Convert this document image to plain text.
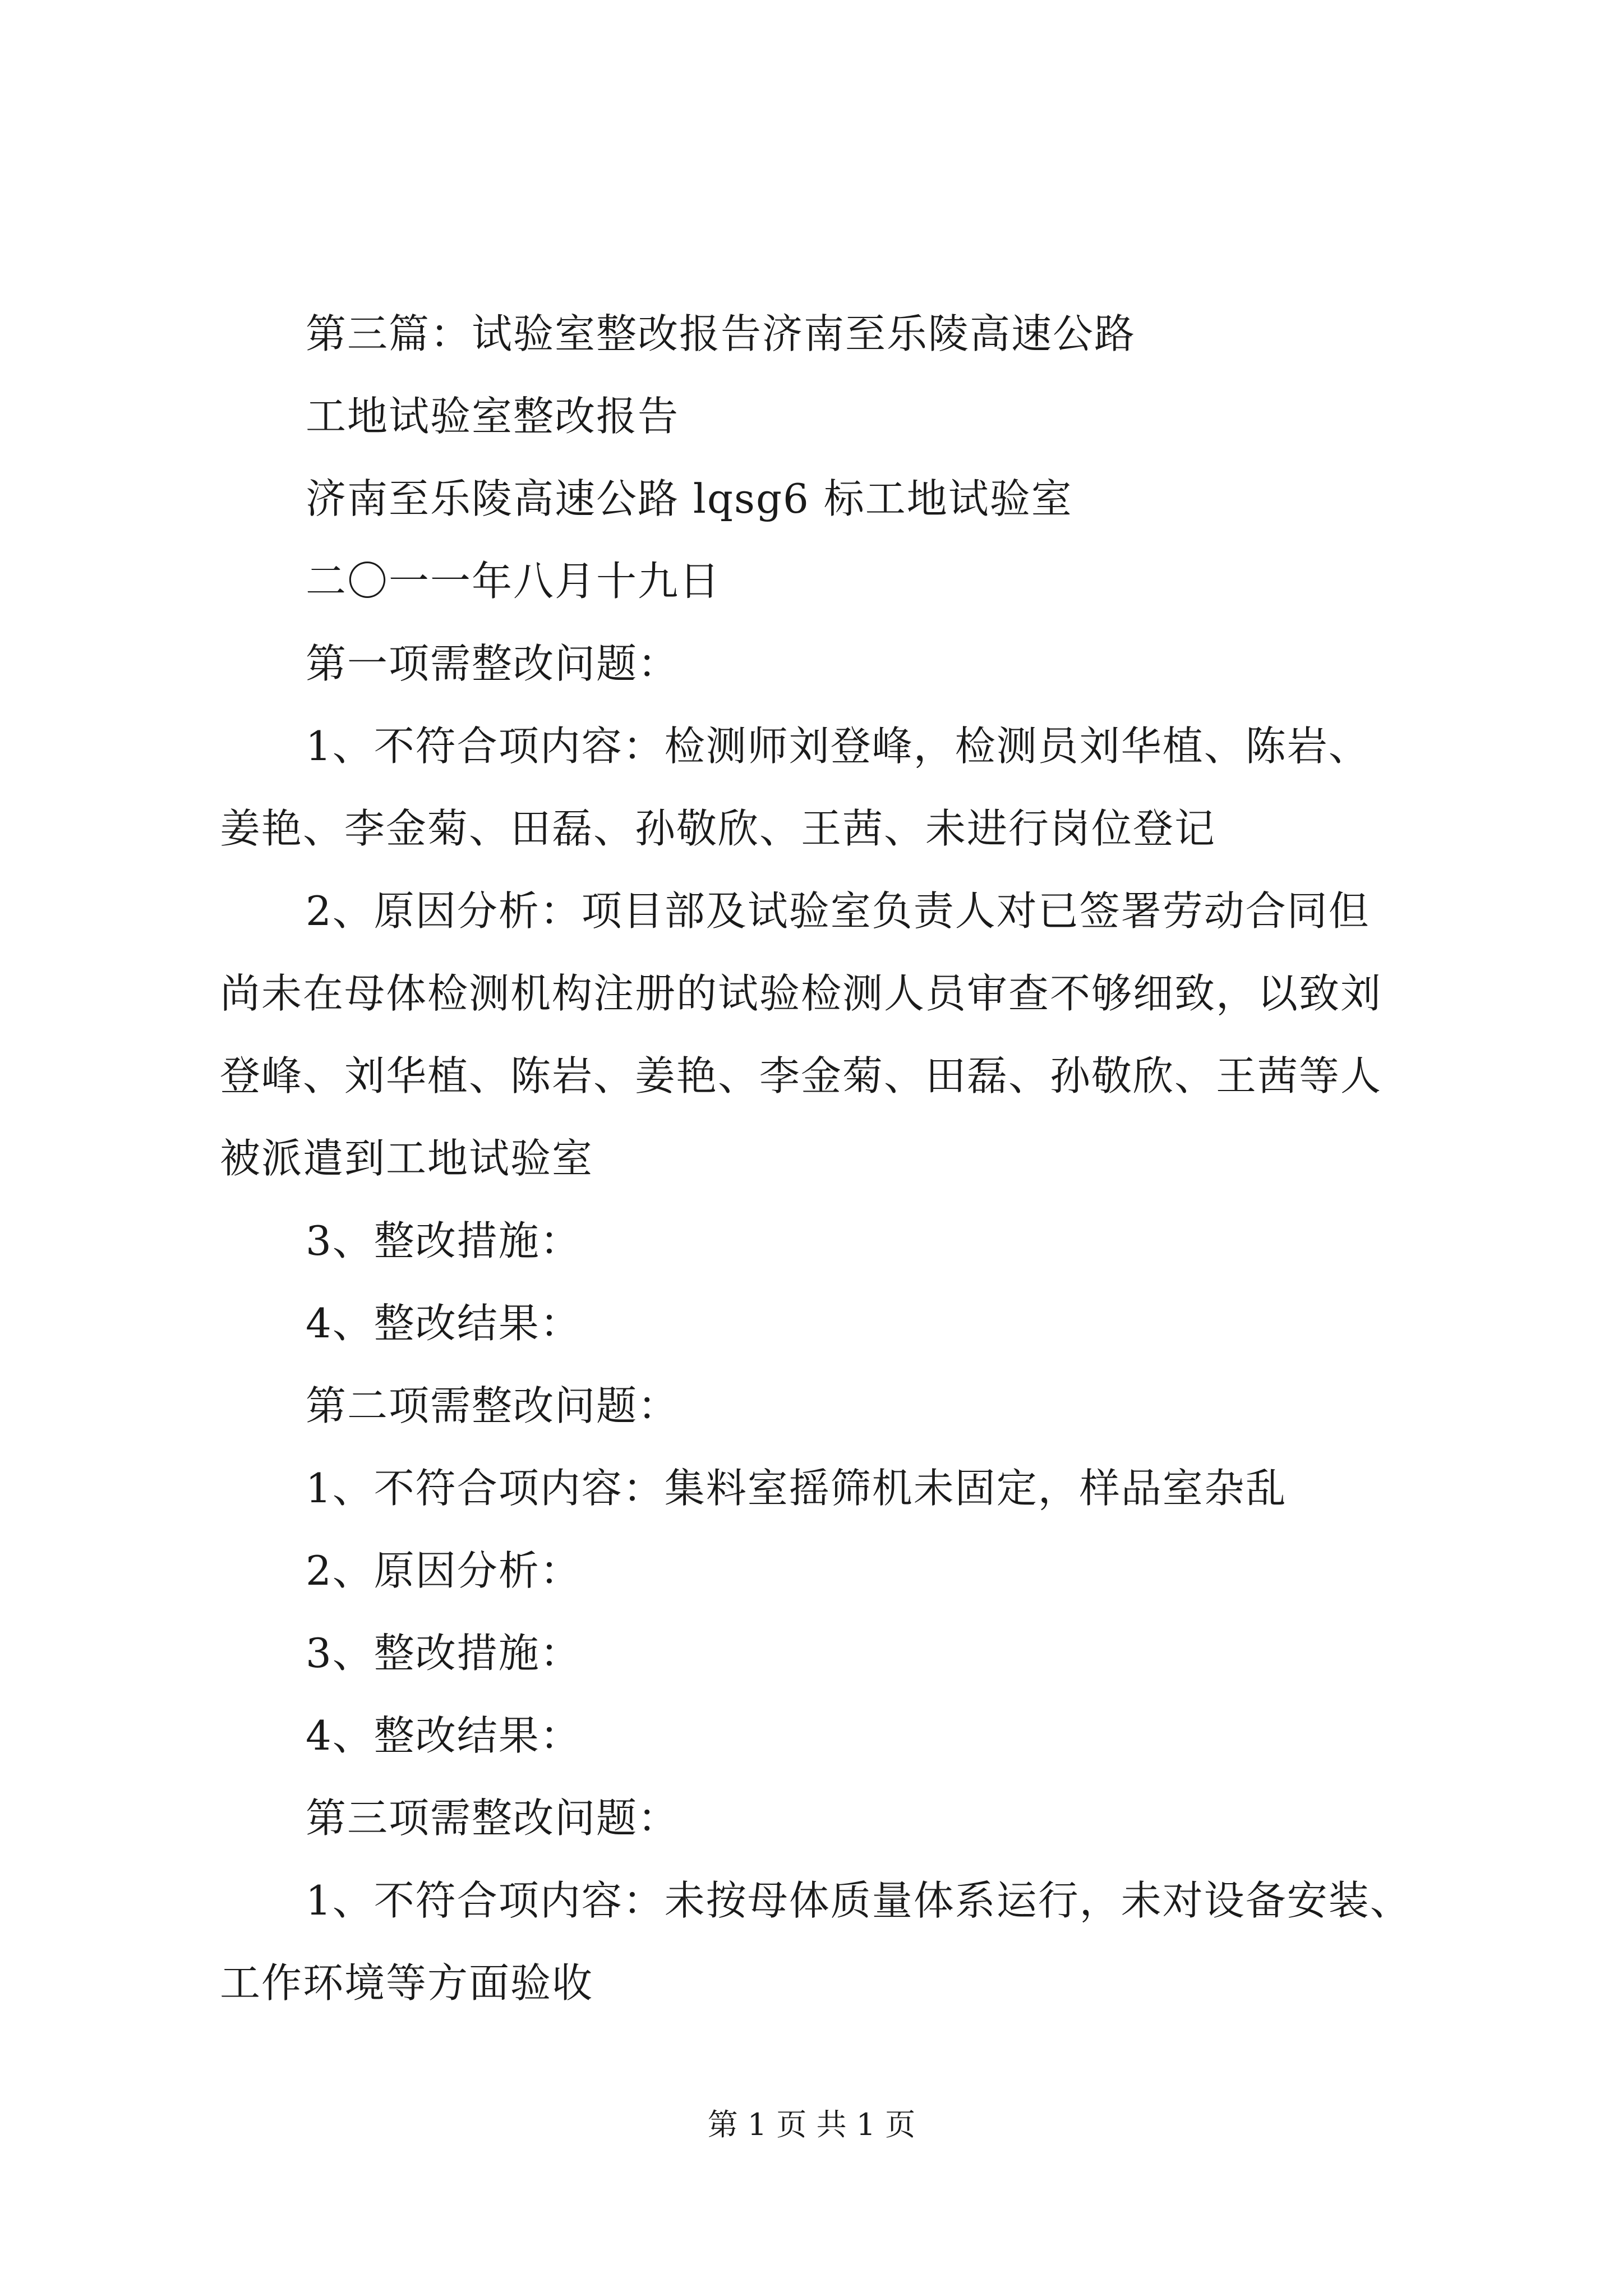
第三篇：试验室整改报告济南至乐陵高速公路
工地试验室整改报告
济南至乐陵高速公路 lqsg6 标工地试验室
二〇一一年八月十九日
第一项需整改问题：
1、不符合项内容：检测师刘登峰，检测员刘华植、陈岩、
姜艳、李金菊、田磊、孙敬欣、王茜、未进行岗位登记
2、原因分析：项目部及试验室负责人对已签署劳动合同但
尚未在母体检测机构注册的试验检测人员审查不够细致，以致刘
登峰、刘华植、陈岩、姜艳、李金菊、田磊、孙敬欣、王茜等人
被派遣到工地试验室
3、整改措施：
4、整改结果：
第二项需整改问题：
1、不符合项内容：集料室摇筛机未固定，样品室杂乱
2、原因分析：
3、整改措施：
4、整改结果：
第三项需整改问题：
1、不符合项内容：未按母体质量体系运行，未对设备安装、
工作环境等方面验收
第 1 页 共 1 页
